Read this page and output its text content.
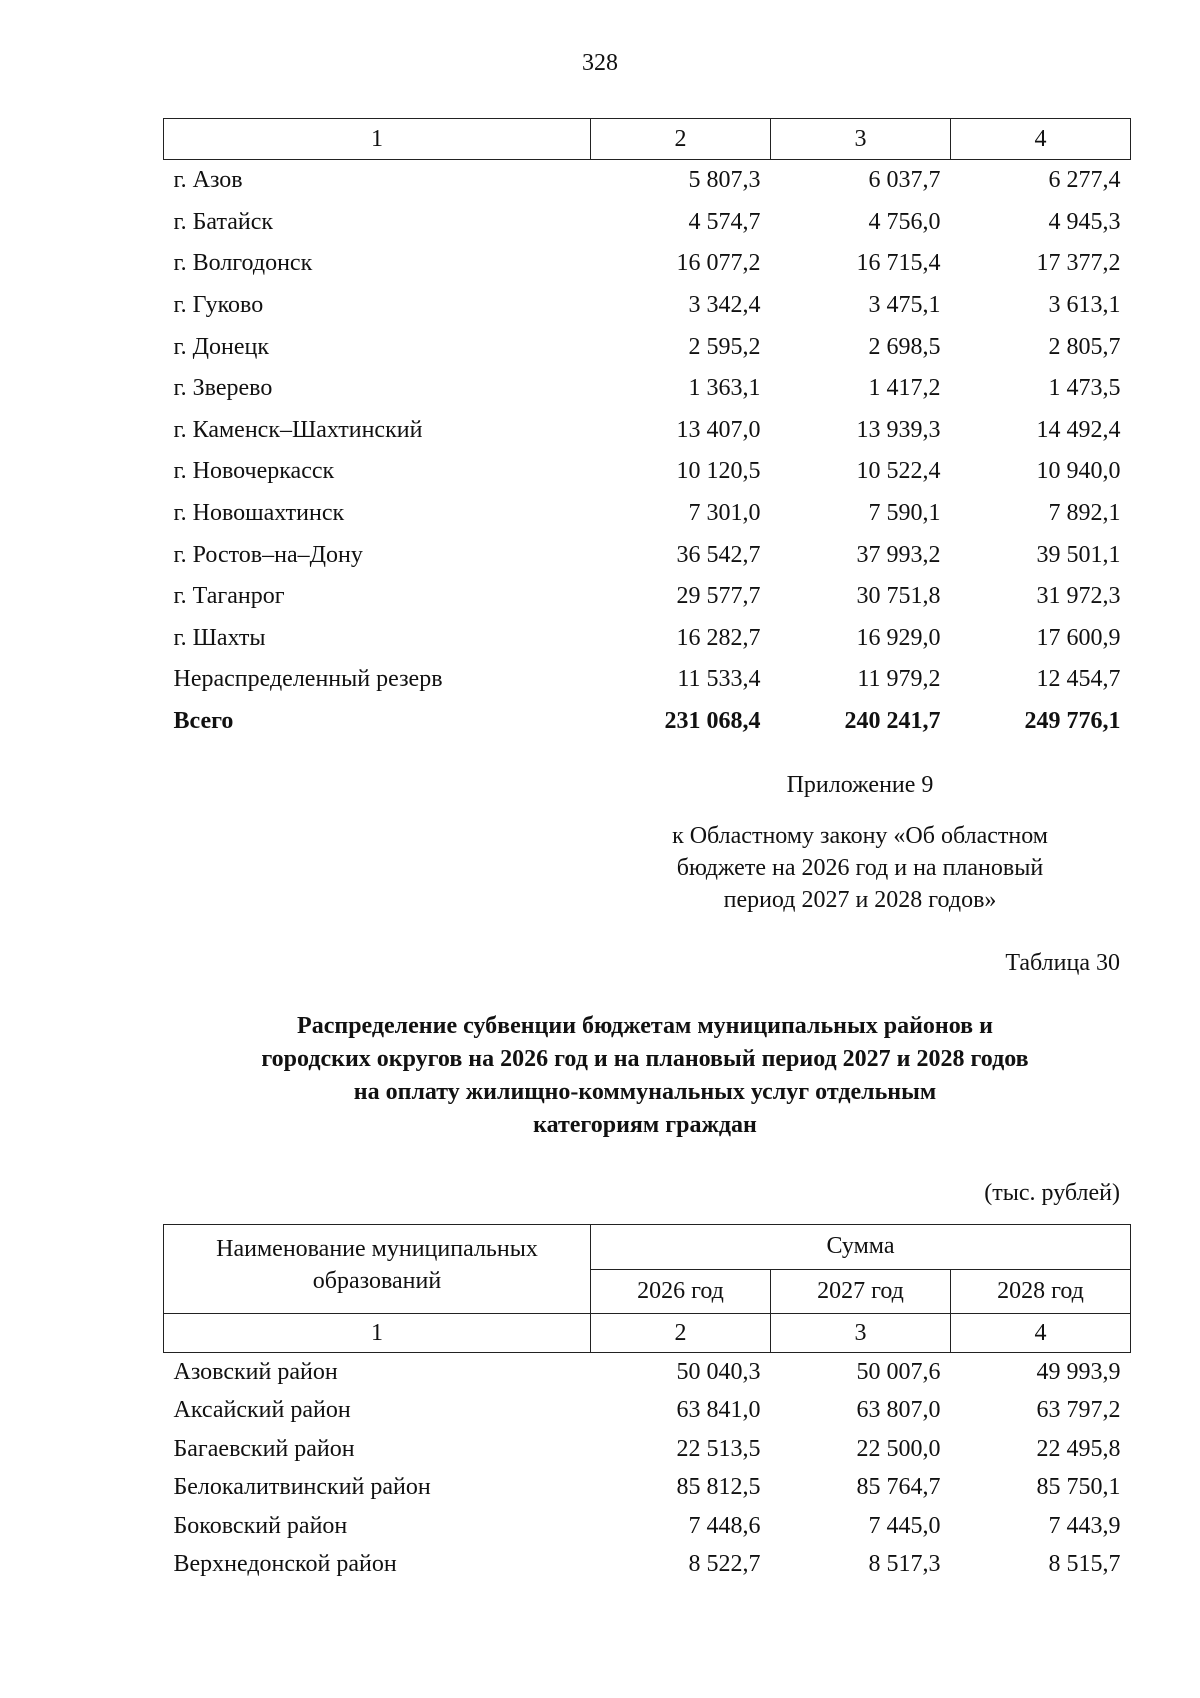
328
1	2	3	4
г. Азов	5 807,3	6 037,7	6 277,4
г. Батайск	4 574,7	4 756,0	4 945,3
г. Волгодонск	16 077,2	16 715,4	17 377,2
г. Гуково	3 342,4	3 475,1	3 613,1
г. Донецк	2 595,2	2 698,5	2 805,7
г. Зверево	1 363,1	1 417,2	1 473,5
г. Каменск–Шахтинский	13 407,0	13 939,3	14 492,4
г. Новочеркасск	10 120,5	10 522,4	10 940,0
г. Новошахтинск	7 301,0	7 590,1	7 892,1
г. Ростов–на–Дону	36 542,7	37 993,2	39 501,1
г. Таганрог	29 577,7	30 751,8	31 972,3
г. Шахты	16 282,7	16 929,0	17 600,9
Нераспределенный резерв	11 533,4	11 979,2	12 454,7
Всего	231 068,4	240 241,7	249 776,1
Приложение 9
к Областному закону «Об областном
бюджете на 2026 год и на плановый
период 2027 и 2028 годов»
Таблица 30
Распределение субвенции бюджетам муниципальных районов и
городских округов на 2026 год и на плановый период 2027 и 2028 годов
на оплату жилищно-коммунальных услуг отдельным
категориям граждан
(тыс. рублей)
Наименование муниципальных образований	Сумма		
	2026 год	2027 год	2028 год
1	2	3	4
Азовский район	50 040,3	50 007,6	49 993,9
Аксайский район	63 841,0	63 807,0	63 797,2
Багаевский район	22 513,5	22 500,0	22 495,8
Белокалитвинский район	85 812,5	85 764,7	85 750,1
Боковский район	7 448,6	7 445,0	7 443,9
Верхнедонской район	8 522,7	8 517,3	8 515,7
